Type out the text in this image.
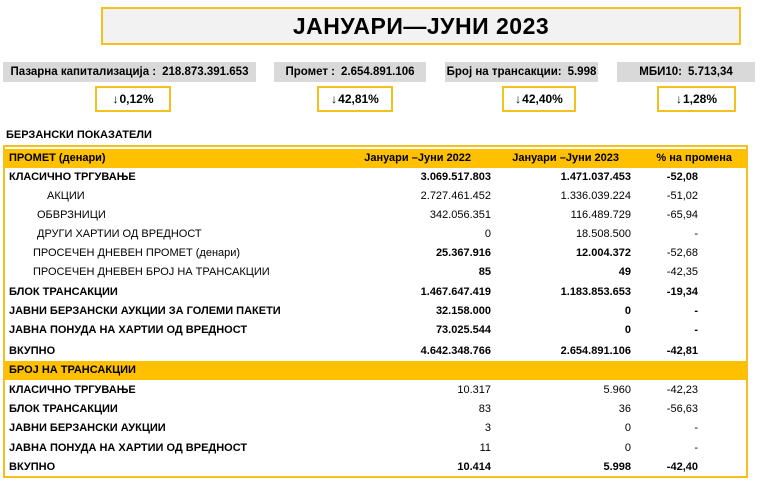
ЈАНУАРИ—ЈУНИ 2023
Пазарна капитализација : 218.873.391.653	Промет : 2.654.891.106	Број на трансакции: 5.998	МБИ10: 5.713,34
↓ 0,12%	↓ 42,81%	↓ 42,40%	↓ 1,28%
БЕРЗАНСКИ ПОКАЗАТЕЛИ
ПРОМЕТ (денари)	Јануари –Јуни 2022	Јануари –Јуни 2023	% на промена
КЛАСИЧНО ТРГУВАЊЕ	3.069.517.803	1.471.037.453	-52,08
АКЦИИ	2.727.461.452	1.336.039.224	-51,02
ОБВРЗНИЦИ	342.056.351	116.489.729	-65,94
ДРУГИ ХАРТИИ ОД ВРЕДНОСТ	0	18.508.500	-
ПРОСЕЧЕН ДНЕВЕН ПРОМЕТ (денари)	25.367.916	12.004.372	-52,68
ПРОСЕЧЕН ДНЕВЕН БРОЈ НА ТРАНСАКЦИИ	85	49	-42,35
БЛОК ТРАНСАКЦИИ	1.467.647.419	1.183.853.653	-19,34
ЈАВНИ БЕРЗАНСКИ АУКЦИИ ЗА ГОЛЕМИ ПАКЕТИ	32.158.000	0	-
ЈАВНА ПОНУДА НА ХАРТИИ ОД ВРЕДНОСТ	73.025.544	0	-
ВКУПНО	4.642.348.766	2.654.891.106	-42,81
БРОЈ НА ТРАНСАКЦИИ
КЛАСИЧНО ТРГУВАЊЕ	10.317	5.960	-42,23
БЛОК ТРАНСАКЦИИ	83	36	-56,63
ЈАВНИ БЕРЗАНСКИ АУКЦИИ	3	0	-
ЈАВНА ПОНУДА НА ХАРТИИ ОД ВРЕДНОСТ	11	0	-
ВКУПНО	10.414	5.998	-42,40
